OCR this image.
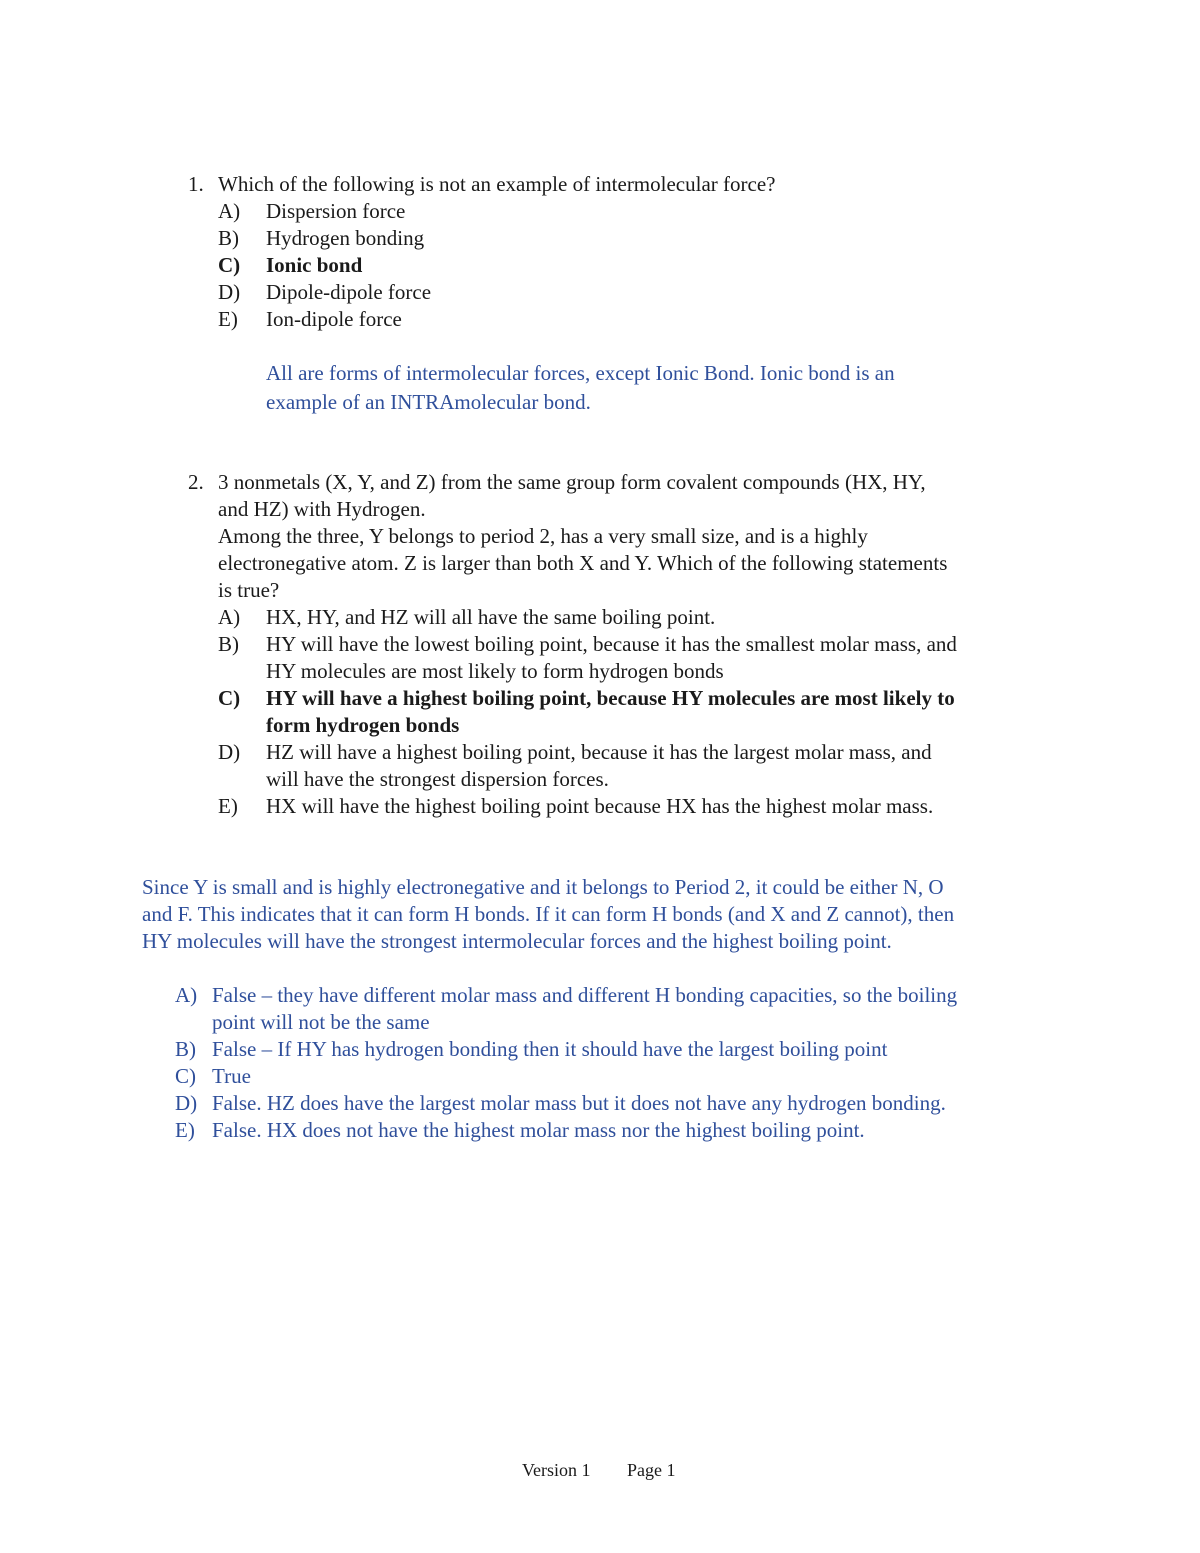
1. Which of the following is not an example of intermolecular force?
A) Dispersion force
B) Hydrogen bonding
C) Ionic bond
D) Dipole-dipole force
E) Ion-dipole force
All are forms of intermolecular forces, except Ionic Bond. Ionic bond is an
example of an INTRAmolecular bond.
2. 3 nonmetals (X, Y, and Z) from the same group form covalent compounds (HX, HY,
and HZ) with Hydrogen.
Among the three, Y belongs to period 2, has a very small size, and is a highly
electronegative atom. Z is larger than both X and Y. Which of the following statements
is true?
A) HX, HY, and HZ will all have the same boiling point.
B) HY will have the lowest boiling point, because it has the smallest molar mass, and
HY molecules are most likely to form hydrogen bonds
C) HY will have a highest boiling point, because HY molecules are most likely to
form hydrogen bonds
D) HZ will have a highest boiling point, because it has the largest molar mass, and
will have the strongest dispersion forces.
E) HX will have the highest boiling point because HX has the highest molar mass.
Since Y is small and is highly electronegative and it belongs to Period 2, it could be either N, O
and F. This indicates that it can form H bonds. If it can form H bonds (and X and Z cannot), then
HY molecules will have the strongest intermolecular forces and the highest boiling point.
A) False – they have different molar mass and different H bonding capacities, so the boiling
point will not be the same
B) False – If HY has hydrogen bonding then it should have the largest boiling point
C) True
D) False. HZ does have the largest molar mass but it does not have any hydrogen bonding.
E) False. HX does not have the highest molar mass nor the highest boiling point.
Version 1 Page 1
